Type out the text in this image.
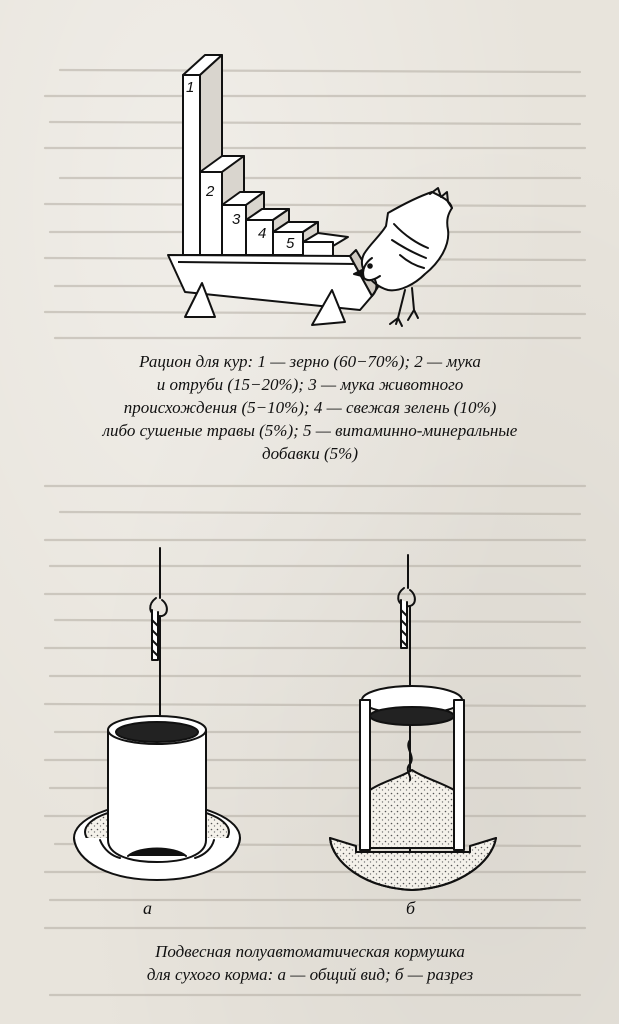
1
2
3
4
5
Рацион для кур: 1 — зерно (60−70%); 2 — мука
и отруби (15−20%); 3 — мука животного
происхождения (5−10%); 4 — свежая зелень (10%)
либо сушеные травы (5%); 5 — витаминно-минеральные
добавки (5%)
а	б
Подвесная полуавтоматическая кормушка
для сухого корма: а — общий вид; б — разрез
